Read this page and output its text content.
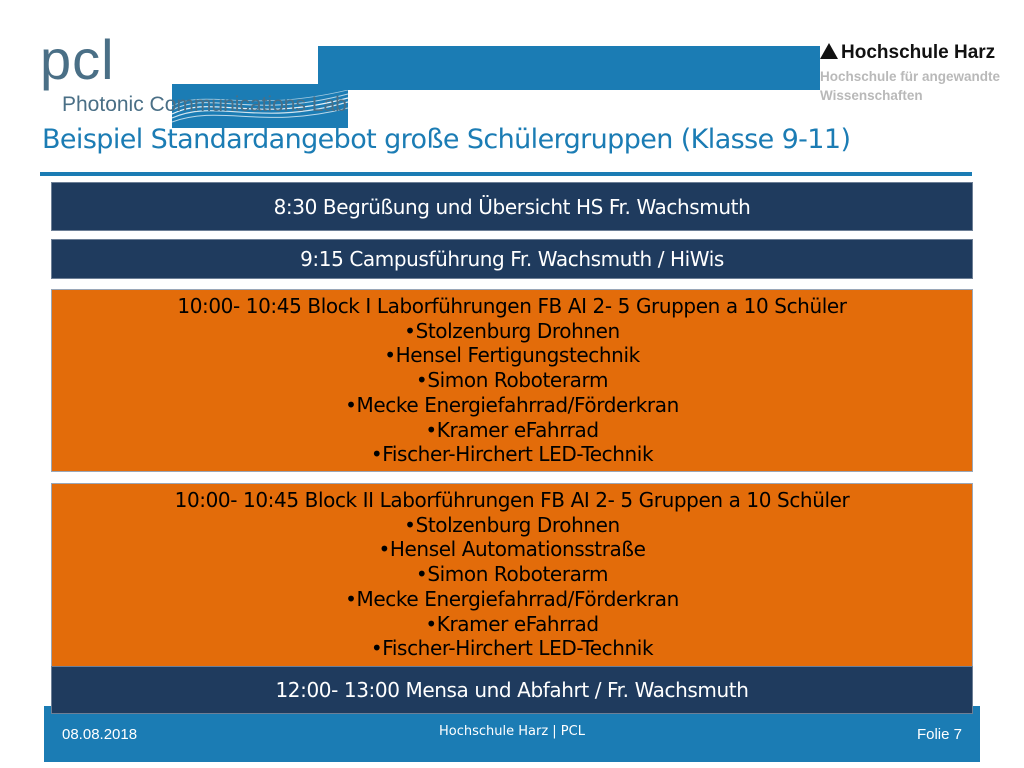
pcl
Photonic Communications Lab
Hochschule Harz
Hochschule für angewandte
Wissenschaften
Beispiel Standardangebot große Schülergruppen (Klasse 9-11)
8:30 Begrüßung und Übersicht HS Fr. Wachsmuth
9:15 Campusführung Fr. Wachsmuth / HiWis
10:00- 10:45 Block I Laborführungen FB AI 2- 5 Gruppen a 10 Schüler
•Stolzenburg Drohnen
•Hensel Fertigungstechnik
•Simon Roboterarm
•Mecke Energiefahrrad/Förderkran
•Kramer eFahrrad
•Fischer-Hirchert LED-Technik
10:00- 10:45 Block II Laborführungen FB AI 2- 5 Gruppen a 10 Schüler
•Stolzenburg Drohnen
•Hensel Automationsstraße
•Simon Roboterarm
•Mecke Energiefahrrad/Förderkran
•Kramer eFahrrad
•Fischer-Hirchert LED-Technik
08.08.2018	Hochschule Harz | PCL	Folie 7
12:00- 13:00 Mensa und Abfahrt / Fr. Wachsmuth
